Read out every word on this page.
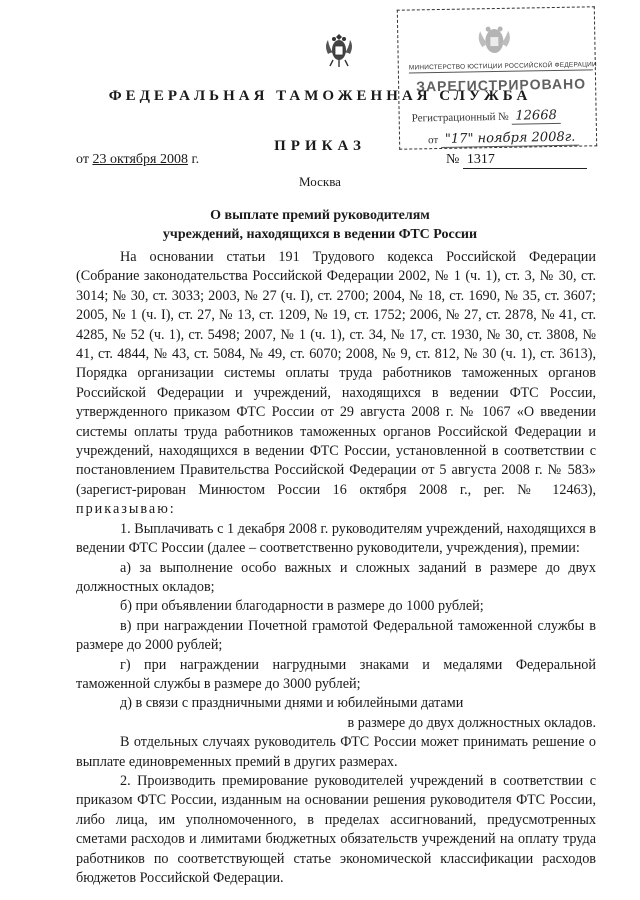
МИНИСТЕРСТВО ЮСТИЦИИ РОССИЙСКОЙ ФЕДЕРАЦИИ
ЗАРЕГИСТРИРОВАНО
Регистрационный № 12668
от "17" ноября 2008г.
ФЕДЕРАЛЬНАЯ ТАМОЖЕННАЯ СЛУЖБА
ПРИКАЗ
от 23 октября 2008 г.	№ 1317
Москва
О выплате премий руководителям
учреждений, находящихся в ведении ФТС России

На основании статьи 191 Трудового кодекса Российской Федерации (Собрание законодательства Российской Федерации 2002, № 1 (ч. 1), ст. 3, № 30, ст. 3014; № 30, ст. 3033; 2003, № 27 (ч. I), ст. 2700; 2004, № 18, ст. 1690, № 35, ст. 3607; 2005, № 1 (ч. I), ст. 27, № 13, ст. 1209, № 19, ст. 1752; 2006, № 27, ст. 2878, № 41, ст. 4285, № 52 (ч. 1), ст. 5498; 2007, № 1 (ч. 1), ст. 34, № 17, ст. 1930, № 30, ст. 3808, № 41, ст. 4844, № 43, ст. 5084, № 49, ст. 6070; 2008, № 9, ст. 812, № 30 (ч. 1), ст. 3613), Порядка организации системы оплаты труда работников таможенных органов Российской Федерации и учреждений, находящихся в ведении ФТС России, утвержденного приказом ФТС России от 29 августа 2008 г. № 1067 «О введении системы оплаты труда работников таможенных органов Российской Федерации и учреждений, находящихся в ведении ФТС России, установленной в соответствии с постановлением Правительства Российской Федерации от 5 августа 2008 г. № 583» (зарегист-рирован Минюстом России 16 октября 2008 г., рег. № 12463), приказываю:

1. Выплачивать с 1 декабря 2008 г. руководителям учреждений, находящихся в ведении ФТС России (далее – соответственно руководители, учреждения), премии:

а) за выполнение особо важных и сложных заданий в размере до двух должностных окладов;

б) при объявлении благодарности в размере до 1000 рублей;

в) при награждении Почетной грамотой Федеральной таможенной службы в размере до 2000 рублей;

г) при награждении нагрудными знаками и медалями Федеральной таможенной службы в размере до 3000 рублей;

д) в связи с праздничными днями и юбилейными датами
в размере до двух должностных окладов.

В отдельных случаях руководитель ФТС России может принимать решение о выплате единовременных премий в других размерах.

2. Производить премирование руководителей учреждений в соответствии с приказом ФТС России, изданным на основании решения руководителя ФТС России, либо лица, им уполномоченного, в пределах ассигнований, предусмотренных сметами расходов и лимитами бюджетных обязательств учреждений на оплату труда работников по соответствующей статье экономической классификации расходов бюджетов Российской Федерации.
